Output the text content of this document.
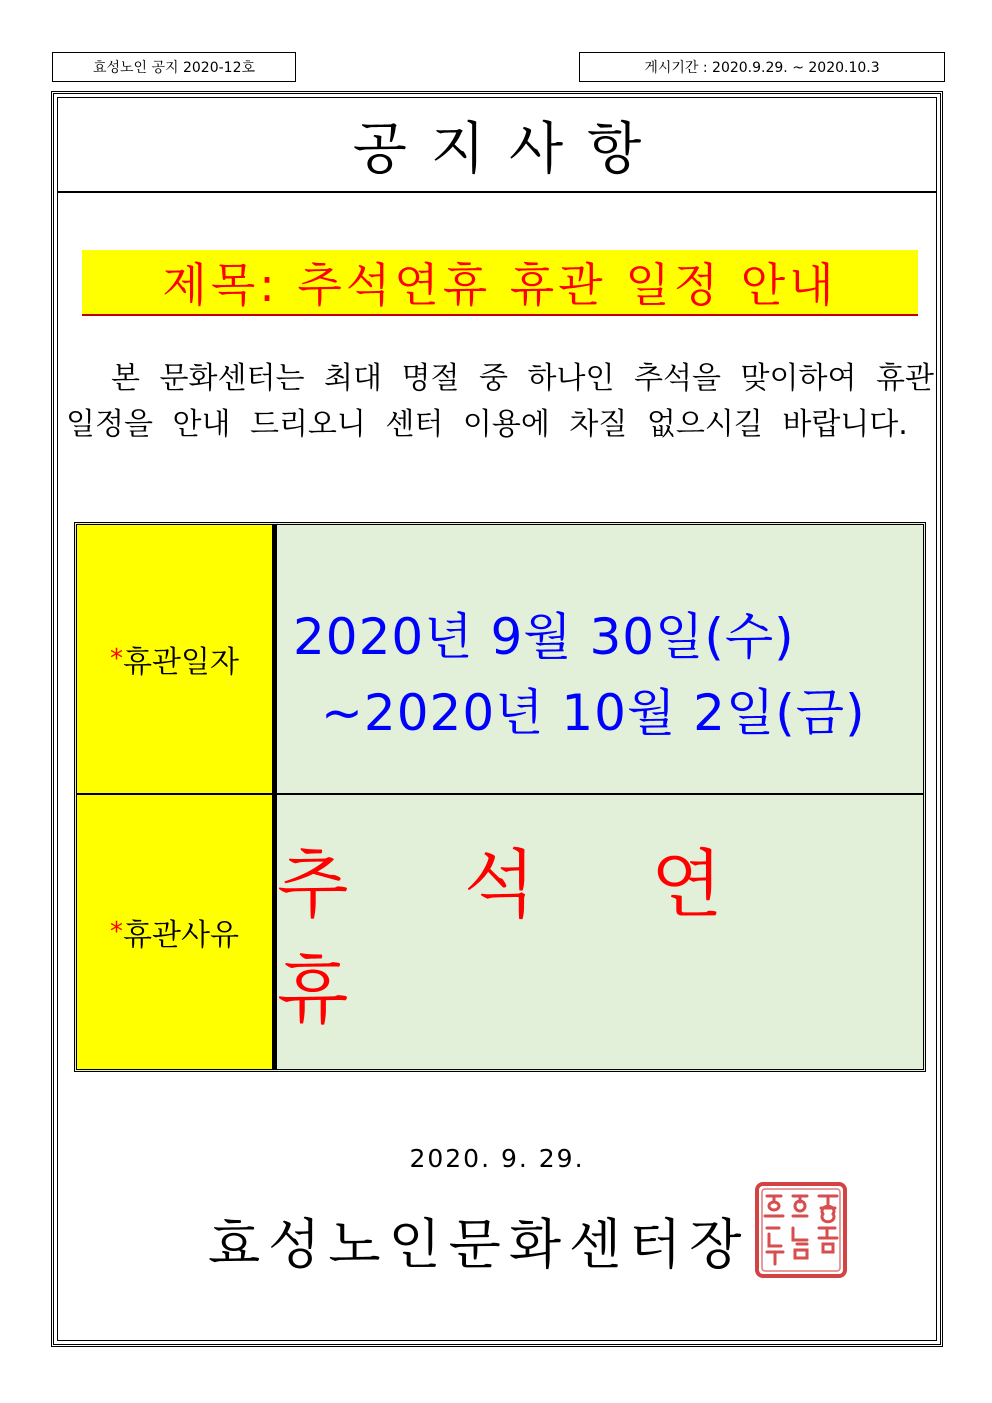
효성노인 공지 2020-12호	게시기간 : 2020.9.29. ~ 2020.10.3
공지사항
제목: 추석연휴 휴관 일정 안내
  본 문화센터는 최대 명절 중 하나인 추석을 맞이하여 휴관 일정을 안내 드리오니 센터 이용에 차질 없으시길 바랍니다.
* 휴관일자 2020년 9월 30일(수)
~2020년 10월 2일(금)
* 휴관사유
추 석 연 휴
2020. 9. 29.
효성노인문화센터장
